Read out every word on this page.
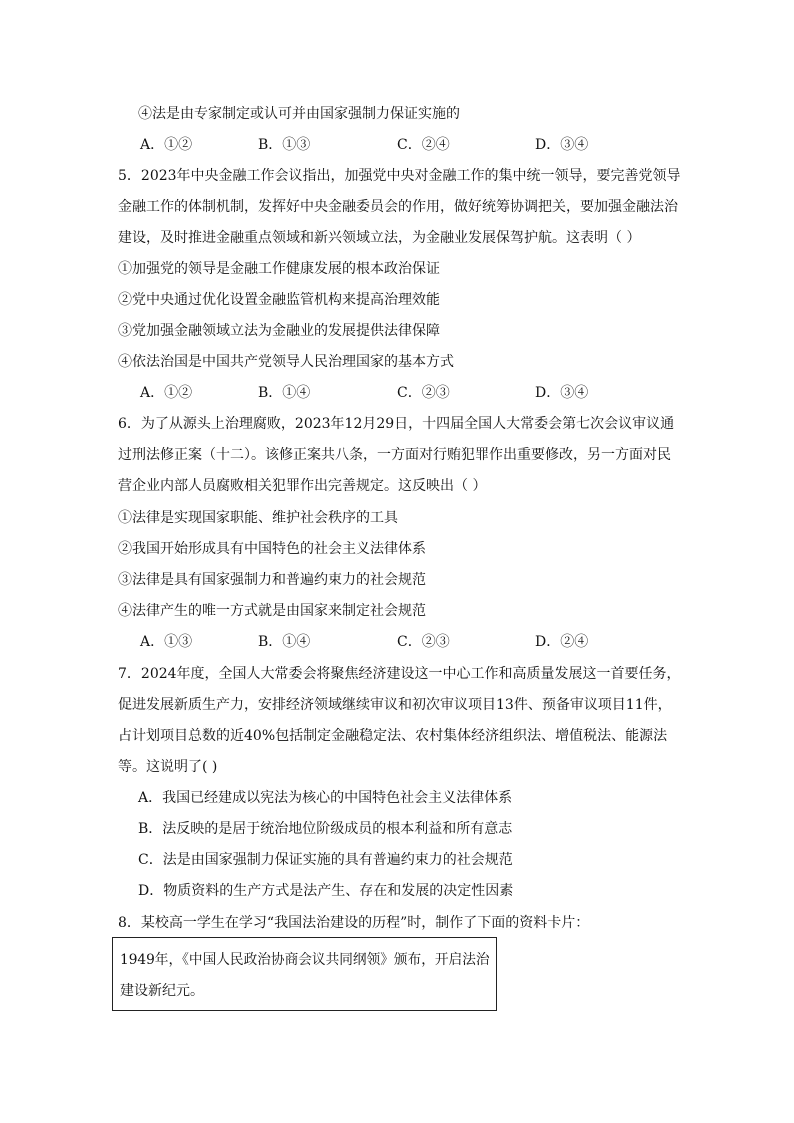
④法是由专家制定或认可并由国家强制力保证实施的
A．①②	B．①③	C．②④	D．③④
5．2023年中央金融工作会议指出，加强党中央对金融工作的集中统一领导，要完善党领导
金融工作的体制机制，发挥好中央金融委员会的作用，做好统筹协调把关，要加强金融法治
建设，及时推进金融重点领域和新兴领域立法，为金融业发展保驾护航。这表明（ ）
①加强党的领导是金融工作健康发展的根本政治保证
②党中央通过优化设置金融监管机构来提高治理效能
③党加强金融领域立法为金融业的发展提供法律保障
④依法治国是中国共产党领导人民治理国家的基本方式
A．①②	B．①④	C．②③	D．③④
6．为了从源头上治理腐败，2023年12月29日，十四届全国人大常委会第七次会议审议通
过刑法修正案（十二）。该修正案共八条，一方面对行贿犯罪作出重要修改，另一方面对民
营企业内部人员腐败相关犯罪作出完善规定。这反映出（ ）
①法律是实现国家职能、维护社会秩序的工具
②我国开始形成具有中国特色的社会主义法律体系
③法律是具有国家强制力和普遍约束力的社会规范
④法律产生的唯一方式就是由国家来制定社会规范
A．①③	B．①④	C．②③	D．②④
7．2024年度，全国人大常委会将聚焦经济建设这一中心工作和高质量发展这一首要任务，
促进发展新质生产力，安排经济领域继续审议和初次审议项目13件、预备审议项目11件，
占计划项目总数的近40%包括制定金融稳定法、农村集体经济组织法、增值税法、能源法
等。这说明了( )
A．我国已经建成以宪法为核心的中国特色社会主义法律体系
B．法反映的是居于统治地位阶级成员的根本利益和所有意志
C．法是由国家强制力保证实施的具有普遍约束力的社会规范
D．物质资料的生产方式是法产生、存在和发展的决定性因素
8．某校高一学生在学习“我国法治建设的历程”时，制作了下面的资料卡片：
1949年，《中国人民政治协商会议共同纲领》颁布，开启法治
建设新纪元。
